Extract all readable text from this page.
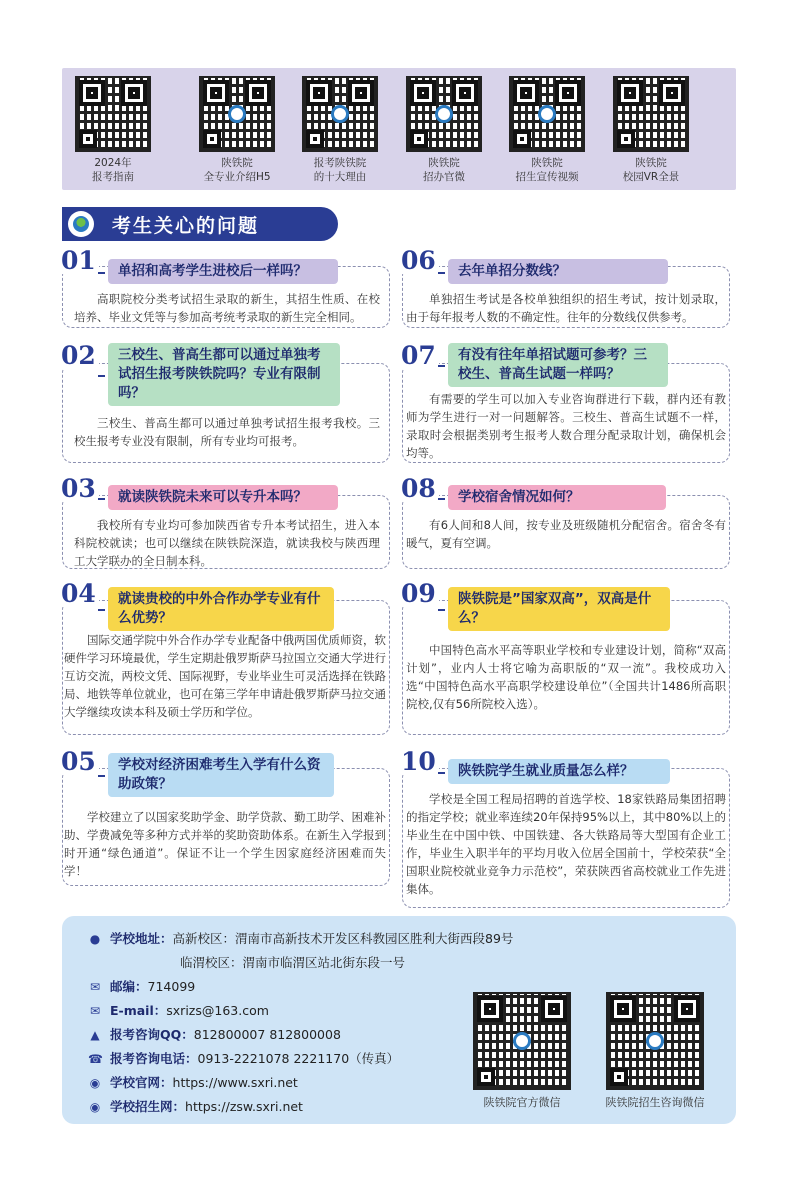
2024年
报考指南
陕铁院
全专业介绍H5
报考陕铁院
的十大理由
陕铁院
招办官微
陕铁院
招生宣传视频
陕铁院
校园VR全景
考生关心的问题
01	单招和高考学生进校后一样吗？
高职院校分类考试招生录取的新生，其招生性质、在校培养、毕业文凭等与参加高考统考录取的新生完全相同。
02	三校生、普高生都可以通过单独考试招生报考陕铁院吗？专业有限制吗？
三校生、普高生都可以通过单独考试招生报考我校。三校生报考专业没有限制，所有专业均可报考。
03	就读陕铁院未来可以专升本吗？
我校所有专业均可参加陕西省专升本考试招生，进入本科院校就读；也可以继续在陕铁院深造，就读我校与陕西理工大学联办的全日制本科。
04	就读贵校的中外合作办学专业有什么优势？
国际交通学院中外合作办学专业配备中俄两国优质师资，软硬件学习环境最优，学生定期赴俄罗斯萨马拉国立交通大学进行互访交流，两校文凭、国际视野，专业毕业生可灵活选择在铁路局、地铁等单位就业，也可在第三学年申请赴俄罗斯萨马拉交通大学继续攻读本科及硕士学历和学位。
05	学校对经济困难考生入学有什么资助政策？
学校建立了以国家奖助学金、助学贷款、勤工助学、困难补助、学费减免等多种方式并举的奖助资助体系。在新生入学报到时开通“绿色通道”。保证不让一个学生因家庭经济困难而失学！
06	去年单招分数线？
单独招生考试是各校单独组织的招生考试，按计划录取，由于每年报考人数的不确定性。往年的分数线仅供参考。
07	有没有往年单招试题可参考？三校生、普高生试题一样吗？
有需要的学生可以加入专业咨询群进行下载，群内还有教师为学生进行一对一问题解答。三校生、普高生试题不一样，录取时会根据类别考生报考人数合理分配录取计划，确保机会均等。
08	学校宿舍情况如何？
有6人间和8人间，按专业及班级随机分配宿舍。宿舍冬有暖气，夏有空调。
09	陕铁院是”国家双高”，双高是什么？
中国特色高水平高等职业学校和专业建设计划，简称“双高计划”，业内人士将它喻为高职版的“双一流”。我校成功入选“中国特色高水平高职学校建设单位”（全国共计1486所高职院校,仅有56所院校入选）。
10	陕铁院学生就业质量怎么样？
学校是全国工程局招聘的首选学校、18家铁路局集团招聘的指定学校；就业率连续20年保持95%以上，其中80%以上的毕业生在中国中铁、中国铁建、各大铁路局等大型国有企业工作，毕业生入职半年的平均月收入位居全国前十，学校荣获“全国职业院校就业竞争力示范校”，荣获陕西省高校就业工作先进集体。
● 学校地址：高新校区：渭南市高新技术开发区科教园区胜利大街西段89号
临渭校区：渭南市临渭区站北街东段一号
✉ 邮编：714099
✉ E-mail：sxrizs@163.com
▲ 报考咨询QQ：812800007 812800008
☎ 报考咨询电话：0913-2221078 2221170（传真）
◉ 学校官网：https://www.sxri.net
◉ 学校招生网：https://zsw.sxri.net	陕铁院官方微信	陕铁院招生咨询微信
